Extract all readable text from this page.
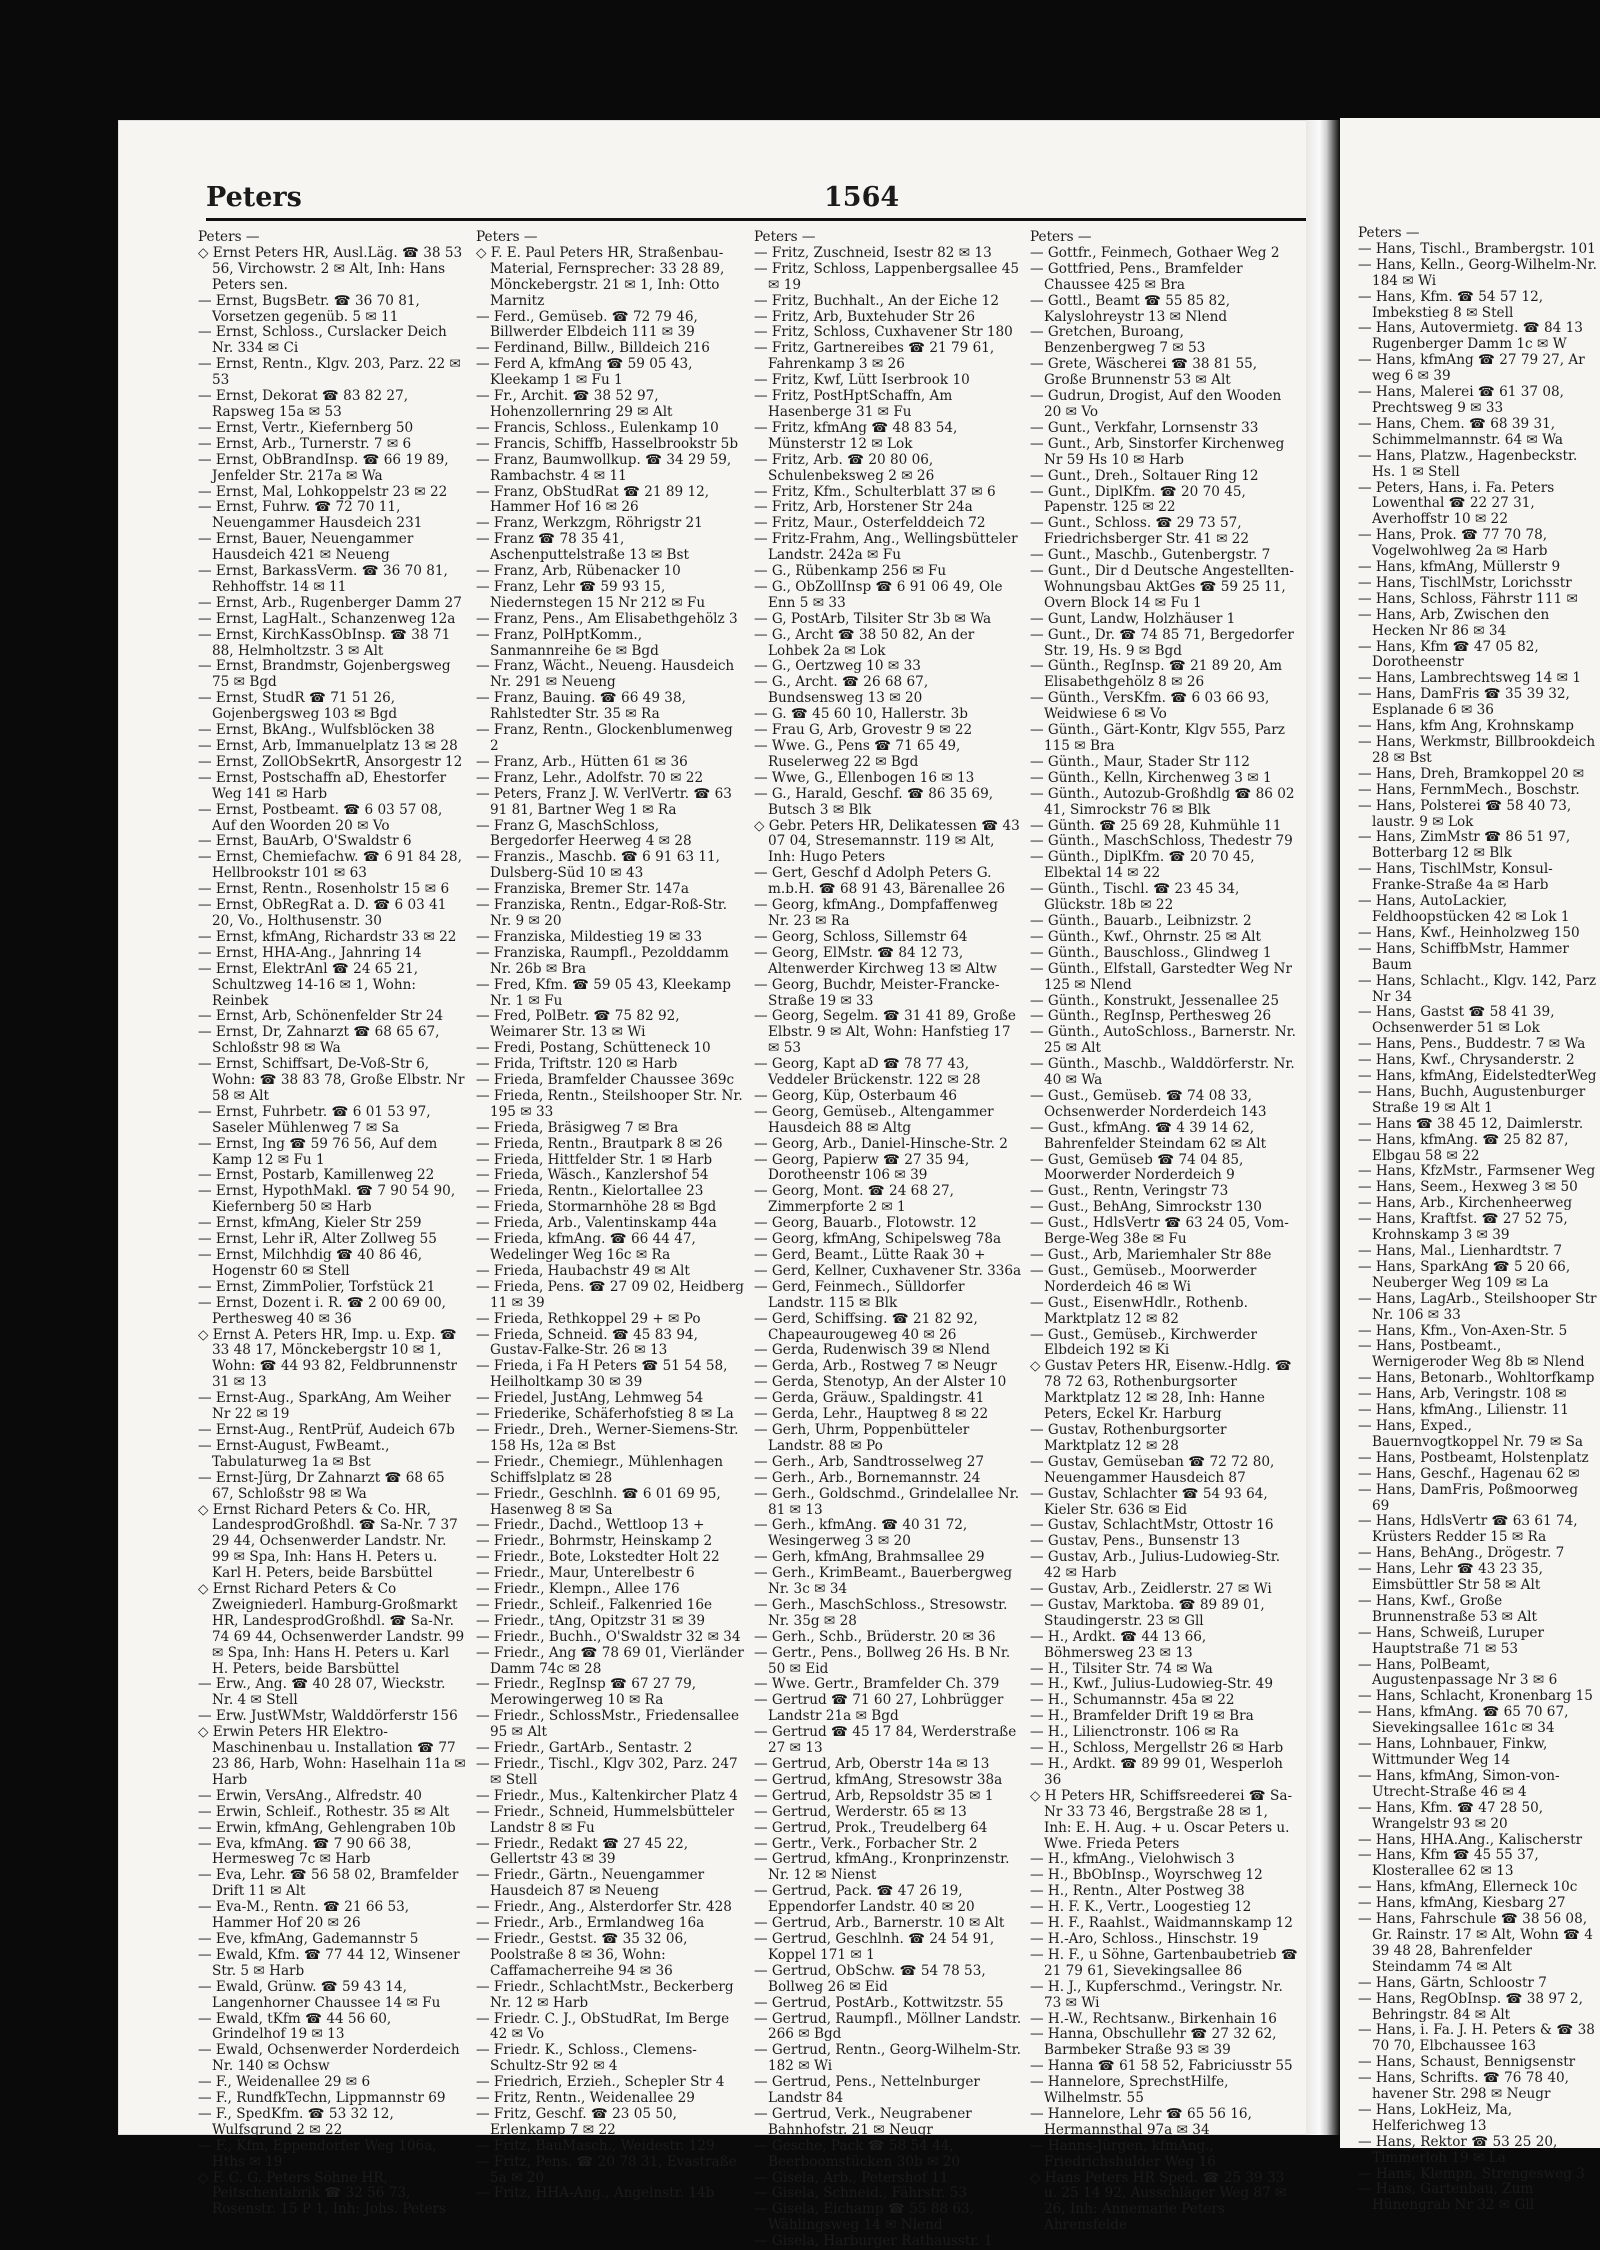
Peters	1564
Peters —

◇ Ernst Peters HR, Ausl.Läg. ☎ 38 53 56, Virchowstr. 2 ✉ Alt, Inh: Hans Peters sen.

— Ernst, BugsBetr. ☎ 36 70 81, Vorsetzen gegenüb. 5 ✉ 11

— Ernst, Schloss., Curslacker Deich Nr. 334 ✉ Ci

— Ernst, Rentn., Klgv. 203, Parz. 22 ✉ 53

— Ernst, Dekorat ☎ 83 82 27, Rapsweg 15a ✉ 53

— Ernst, Vertr., Kiefernberg 50

— Ernst, Arb., Turnerstr. 7 ✉ 6

— Ernst, ObBrandInsp. ☎ 66 19 89, Jenfelder Str. 217a ✉ Wa

— Ernst, Mal, Lohkoppelstr 23 ✉ 22

— Ernst, Fuhrw. ☎ 72 70 11, Neuengammer Hausdeich 231

— Ernst, Bauer, Neuengammer Hausdeich 421 ✉ Neueng

— Ernst, BarkassVerm. ☎ 36 70 81, Rehhoffstr. 14 ✉ 11

— Ernst, Arb., Rugenberger Damm 27

— Ernst, LagHalt., Schanzenweg 12a

— Ernst, KirchKassObInsp. ☎ 38 71 88, Helmholtzstr. 3 ✉ Alt

— Ernst, Brandmstr, Gojenbergsweg 75 ✉ Bgd

— Ernst, StudR ☎ 71 51 26, Gojenbergsweg 103 ✉ Bgd

— Ernst, BkAng., Wulfsblöcken 38

— Ernst, Arb, Immanuelplatz 13 ✉ 28

— Ernst, ZollObSekrtR, Ansorgestr 12

— Ernst, Postschaffn aD, Ehestorfer Weg 141 ✉ Harb

— Ernst, Postbeamt. ☎ 6 03 57 08, Auf den Woorden 20 ✉ Vo

— Ernst, BauArb, O'Swaldstr 6

— Ernst, Chemiefachw. ☎ 6 91 84 28, Hellbrookstr 101 ✉ 63

— Ernst, Rentn., Rosenholstr 15 ✉ 6

— Ernst, ObRegRat a. D. ☎ 6 03 41 20, Vo., Holthusenstr. 30

— Ernst, kfmAng, Richardstr 33 ✉ 22

— Ernst, HHA-Ang., Jahnring 14

— Ernst, ElektrAnl ☎ 24 65 21, Schultzweg 14-16 ✉ 1, Wohn: Reinbek

— Ernst, Arb, Schönenfelder Str 24

— Ernst, Dr, Zahnarzt ☎ 68 65 67, Schloßstr 98 ✉ Wa

— Ernst, Schiffsart, De-Voß-Str 6, Wohn: ☎ 38 83 78, Große Elbstr. Nr 58 ✉ Alt

— Ernst, Fuhrbetr. ☎ 6 01 53 97, Saseler Mühlenweg 7 ✉ Sa

— Ernst, Ing ☎ 59 76 56, Auf dem Kamp 12 ✉ Fu 1

— Ernst, Postarb, Kamillenweg 22

— Ernst, HypothMakl. ☎ 7 90 54 90, Kiefernberg 50 ✉ Harb

— Ernst, kfmAng, Kieler Str 259

— Ernst, Lehr iR, Alter Zollweg 55

— Ernst, Milchhdig ☎ 40 86 46, Hogenstr 60 ✉ Stell

— Ernst, ZimmPolier, Torfstück 21

— Ernst, Dozent i. R. ☎ 2 00 69 00, Perthesweg 40 ✉ 36

◇ Ernst A. Peters HR, Imp. u. Exp. ☎ 33 48 17, Mönckebergstr 10 ✉ 1, Wohn: ☎ 44 93 82, Feldbrunnenstr 31 ✉ 13

— Ernst-Aug., SparkAng, Am Weiher Nr 22 ✉ 19

— Ernst-Aug., RentPrüf, Audeich 67b

— Ernst-August, FwBeamt., Tabulaturweg 1a ✉ Bst

— Ernst-Jürg, Dr Zahnarzt ☎ 68 65 67, Schloßstr 98 ✉ Wa

◇ Ernst Richard Peters & Co. HR, LandesprodGroßhdl. ☎ Sa-Nr. 7 37 29 44, Ochsenwerder Landstr. Nr. 99 ✉ Spa, Inh: Hans H. Peters u. Karl H. Peters, beide Barsbüttel

◇ Ernst Richard Peters & Co Zweigniederl. Hamburg-Großmarkt HR, LandesprodGroßhdl. ☎ Sa-Nr. 74 69 44, Ochsenwerder Landstr. 99 ✉ Spa, Inh: Hans H. Peters u. Karl H. Peters, beide Barsbüttel

— Erw., Ang. ☎ 40 28 07, Wieckstr. Nr. 4 ✉ Stell

— Erw. JustWMstr, Walddörferstr 156

◇ Erwin Peters HR Elektro-Maschinenbau u. Installation ☎ 77 23 86, Harb, Wohn: Haselhain 11a ✉ Harb

— Erwin, VersAng., Alfredstr. 40

— Erwin, Schleif., Rothestr. 35 ✉ Alt

— Erwin, kfmAng, Gehlengraben 10b

— Eva, kfmAng. ☎ 7 90 66 38, Hermesweg 7c ✉ Harb

— Eva, Lehr. ☎ 56 58 02, Bramfelder Drift 11 ✉ Alt

— Eva-M., Rentn. ☎ 21 66 53, Hammer Hof 20 ✉ 26

— Eve, kfmAng, Gademannstr 5

— Ewald, Kfm. ☎ 77 44 12, Winsener Str. 5 ✉ Harb

— Ewald, Grünw. ☎ 59 43 14, Langenhorner Chaussee 14 ✉ Fu

— Ewald, tKfm ☎ 44 56 60, Grindelhof 19 ✉ 13

— Ewald, Ochsenwerder Norderdeich Nr. 140 ✉ Ochsw

— F., Weidenallee 29 ✉ 6

— F., RundfkTechn, Lippmannstr 69

— F., SpedKfm. ☎ 53 32 12, Wulfsgrund 2 ✉ 22

— F., Kfm, Eppendorfer Weg 106a, Hths ✉ 19

◇ F. C. G. Peters Söhne HR, Peitschentabrik ☎ 32 56 73, Rosenstr. 15 P 1, Inh: Johs. Peters

Peters —

◇ F. E. Paul Peters HR, Straßenbau-Material, Fernsprecher: 33 28 89, Mönckebergstr. 21 ✉ 1, Inh: Otto Marnitz

— Ferd., Gemüseb. ☎ 72 79 46, Billwerder Elbdeich 111 ✉ 39

— Ferdinand, Billw., Billdeich 216

— Ferd A, kfmAng ☎ 59 05 43, Kleekamp 1 ✉ Fu 1

— Fr., Archit. ☎ 38 52 97, Hohenzollernring 29 ✉ Alt

— Francis, Schloss., Eulenkamp 10

— Francis, Schiffb, Hasselbrookstr 5b

— Franz, Baumwollkup. ☎ 34 29 59, Rambachstr. 4 ✉ 11

— Franz, ObStudRat ☎ 21 89 12, Hammer Hof 16 ✉ 26

— Franz, Werkzgm, Röhrigstr 21

— Franz ☎ 78 35 41, Aschenputtelstraße 13 ✉ Bst

— Franz, Arb, Rübenacker 10

— Franz, Lehr ☎ 59 93 15, Niedernstegen 15 Nr 212 ✉ Fu

— Franz, Pens., Am Elisabethgehölz 3

— Franz, PolHptKomm., Sanmannreihe 6e ✉ Bgd

— Franz, Wächt., Neueng. Hausdeich Nr. 291 ✉ Neueng

— Franz, Bauing. ☎ 66 49 38, Rahlstedter Str. 35 ✉ Ra

— Franz, Rentn., Glockenblumenweg 2

— Franz, Arb., Hütten 61 ✉ 36

— Franz, Lehr., Adolfstr. 70 ✉ 22

— Peters, Franz J. W. VerlVertr. ☎ 63 91 81, Bartner Weg 1 ✉ Ra

— Franz G, MaschSchloss, Bergedorfer Heerweg 4 ✉ 28

— Franzis., Maschb. ☎ 6 91 63 11, Dulsberg-Süd 10 ✉ 43

— Franziska, Bremer Str. 147a

— Franziska, Rentn., Edgar-Roß-Str. Nr. 9 ✉ 20

— Franziska, Mildestieg 19 ✉ 33

— Franziska, Raumpfl., Pezolddamm Nr. 26b ✉ Bra

— Fred, Kfm. ☎ 59 05 43, Kleekamp Nr. 1 ✉ Fu

— Fred, PolBetr. ☎ 75 82 92, Weimarer Str. 13 ✉ Wi

— Fredi, Postang, Schütteneck 10

— Frida, Triftstr. 120 ✉ Harb

— Frieda, Bramfelder Chaussee 369c

— Frieda, Rentn., Steilshooper Str. Nr. 195 ✉ 33

— Frieda, Bräsigweg 7 ✉ Bra

— Frieda, Rentn., Brautpark 8 ✉ 26

— Frieda, Hittfelder Str. 1 ✉ Harb

— Frieda, Wäsch., Kanzlershof 54

— Frieda, Rentn., Kielortallee 23

— Frieda, Stormarnhöhe 28 ✉ Bgd

— Frieda, Arb., Valentinskamp 44a

— Frieda, kfmAng. ☎ 66 44 47, Wedelinger Weg 16c ✉ Ra

— Frieda, Haubachstr 49 ✉ Alt

— Frieda, Pens. ☎ 27 09 02, Heidberg 11 ✉ 39

— Frieda, Rethkoppel 29 + ✉ Po

— Frieda, Schneid. ☎ 45 83 94, Gustav-Falke-Str. 26 ✉ 13

— Frieda, i Fa H Peters ☎ 51 54 58, Heilholtkamp 30 ✉ 39

— Friedel, JustAng, Lehmweg 54

— Friederike, Schäferhofstieg 8 ✉ La

— Friedr., Dreh., Werner-Siemens-Str. 158 Hs, 12a ✉ Bst

— Friedr., Chemiegr., Mühlenhagen Schiffslplatz ✉ 28

— Friedr., Geschlnh. ☎ 6 01 69 95, Hasenweg 8 ✉ Sa

— Friedr., Dachd., Wettloop 13 +

— Friedr., Bohrmstr, Heinskamp 2

— Friedr., Bote, Lokstedter Holt 22

— Friedr., Maur, Unterelbestr 6

— Friedr., Klempn., Allee 176

— Friedr., Schleif., Falkenried 16e

— Friedr., tAng, Opitzstr 31 ✉ 39

— Friedr., Buchh., O'Swaldstr 32 ✉ 34

— Friedr., Ang ☎ 78 69 01, Vierländer Damm 74c ✉ 28

— Friedr., RegInsp ☎ 67 27 79, Merowingerweg 10 ✉ Ra

— Friedr., SchlossMstr., Friedensallee 95 ✉ Alt

— Friedr., GartArb., Sentastr. 2

— Friedr., Tischl., Klgv 302, Parz. 247 ✉ Stell

— Friedr., Mus., Kaltenkircher Platz 4

— Friedr., Schneid, Hummelsbütteler Landstr 8 ✉ Fu

— Friedr., Redakt ☎ 27 45 22, Gellertstr 43 ✉ 39

— Friedr., Gärtn., Neuengammer Hausdeich 87 ✉ Neueng

— Friedr., Ang., Alsterdorfer Str. 428

— Friedr., Arb., Ermlandweg 16a

— Friedr., Gestst. ☎ 35 32 06, Poolstraße 8 ✉ 36, Wohn: Caffamacherreihe 94 ✉ 36

— Friedr., SchlachtMstr., Beckerberg Nr. 12 ✉ Harb

— Friedr. C. J., ObStudRat, Im Berge 42 ✉ Vo

— Friedr. K., Schloss., Clemens-Schultz-Str 92 ✉ 4

— Friedrich, Erzieh., Schepler Str 4

— Fritz, Rentn., Weidenallee 29

— Fritz, Geschf. ☎ 23 05 50, Erlenkamp 7 ✉ 22

— Fritz, BauMasch., Weidestr. 129

— Fritz, Pens. ☎ 20 78 31, Evastraße 5a ✉ 20

— Fritz, HHA-Ang., Angelnstr. 14b

Peters —

— Fritz, Zuschneid, Isestr 82 ✉ 13

— Fritz, Schloss, Lappenbergsallee 45 ✉ 19

— Fritz, Buchhalt., An der Eiche 12

— Fritz, Arb, Buxtehuder Str 26

— Fritz, Schloss, Cuxhavener Str 180

— Fritz, Gartnereibes ☎ 21 79 61, Fahrenkamp 3 ✉ 26

— Fritz, Kwf, Lütt Iserbrook 10

— Fritz, PostHptSchaffn, Am Hasenberge 31 ✉ Fu

— Fritz, kfmAng ☎ 48 83 54, Münsterstr 12 ✉ Lok

— Fritz, Arb. ☎ 20 80 06, Schulenbeksweg 2 ✉ 26

— Fritz, Kfm., Schulterblatt 37 ✉ 6

— Fritz, Arb, Horstener Str 24a

— Fritz, Maur., Osterfelddeich 72

— Fritz-Frahm, Ang., Wellingsbütteler Landstr. 242a ✉ Fu

— G., Rübenkamp 256 ✉ Fu

— G., ObZollInsp ☎ 6 91 06 49, Ole Enn 5 ✉ 33

— G, PostArb, Tilsiter Str 3b ✉ Wa

— G., Archt ☎ 38 50 82, An der Lohbek 2a ✉ Lok

— G., Oertzweg 10 ✉ 33

— G., Archt. ☎ 26 68 67, Bundsensweg 13 ✉ 20

— G. ☎ 45 60 10, Hallerstr. 3b

— Frau G, Arb, Grovestr 9 ✉ 22

— Wwe. G., Pens ☎ 71 65 49, Ruselerweg 22 ✉ Bgd

— Wwe, G., Ellenbogen 16 ✉ 13

— G., Harald, Geschf. ☎ 86 35 69, Butsch 3 ✉ Blk

◇ Gebr. Peters HR, Delikatessen ☎ 43 07 04, Stresemannstr. 119 ✉ Alt, Inh: Hugo Peters

— Gert, Geschf d Adolph Peters G. m.b.H. ☎ 68 91 43, Bärenallee 26

— Georg, kfmAng., Dompfaffenweg Nr. 23 ✉ Ra

— Georg, Schloss, Sillemstr 64

— Georg, ElMstr. ☎ 84 12 73, Altenwerder Kirchweg 13 ✉ Altw

— Georg, Buchdr, Meister-Francke-Straße 19 ✉ 33

— Georg, Segelm. ☎ 31 41 89, Große Elbstr. 9 ✉ Alt, Wohn: Hanfstieg 17 ✉ 53

— Georg, Kapt aD ☎ 78 77 43, Veddeler Brückenstr. 122 ✉ 28

— Georg, Küp, Osterbaum 46

— Georg, Gemüseb., Altengammer Hausdeich 88 ✉ Altg

— Georg, Arb., Daniel-Hinsche-Str. 2

— Georg, Papierw ☎ 27 35 94, Dorotheenstr 106 ✉ 39

— Georg, Mont. ☎ 24 68 27, Zimmerpforte 2 ✉ 1

— Georg, Bauarb., Flotowstr. 12

— Georg, kfmAng, Schipelsweg 78a

— Gerd, Beamt., Lütte Raak 30 +

— Gerd, Kellner, Cuxhavener Str. 336a

— Gerd, Feinmech., Sülldorfer Landstr. 115 ✉ Blk

— Gerd, Schiffsing. ☎ 21 82 92, Chapeaurougeweg 40 ✉ 26

— Gerda, Rudenwisch 39 ✉ Nlend

— Gerda, Arb., Rostweg 7 ✉ Neugr

— Gerda, Stenotyp, An der Alster 10

— Gerda, Gräuw., Spaldingstr. 41

— Gerda, Lehr., Hauptweg 8 ✉ 22

— Gerh, Uhrm, Poppenbütteler Landstr. 88 ✉ Po

— Gerh., Arb, Sandtrosselweg 27

— Gerh., Arb., Bornemannstr. 24

— Gerh., Goldschmd., Grindelallee Nr. 81 ✉ 13

— Gerh., kfmAng. ☎ 40 31 72, Wesingerweg 3 ✉ 20

— Gerh, kfmAng, Brahmsallee 29

— Gerh., KrimBeamt., Bauerbergweg Nr. 3c ✉ 34

— Gerh., MaschSchloss., Stresowstr. Nr. 35g ✉ 28

— Gerh., Schb., Brüderstr. 20 ✉ 36

— Gertr., Pens., Bollweg 26 Hs. B Nr. 50 ✉ Eid

— Wwe. Gertr., Bramfelder Ch. 379

— Gertrud ☎ 71 60 27, Lohbrügger Landstr 21a ✉ Bgd

— Gertrud ☎ 45 17 84, Werderstraße 27 ✉ 13

— Gertrud, Arb, Oberstr 14a ✉ 13

— Gertrud, kfmAng, Stresowstr 38a

— Gertrud, Arb, Repsoldstr 35 ✉ 1

— Gertrud, Werderstr. 65 ✉ 13

— Gertrud, Prok., Treudelberg 64

— Gertr., Verk., Forbacher Str. 2

— Gertrud, kfmAng., Kronprinzenstr. Nr. 12 ✉ Nienst

— Gertrud, Pack. ☎ 47 26 19, Eppendorfer Landstr. 40 ✉ 20

— Gertrud, Arb., Barnerstr. 10 ✉ Alt

— Gertrud, Geschlnh. ☎ 24 54 91, Koppel 171 ✉ 1

— Gertrud, ObSchw. ☎ 54 78 53, Bollweg 26 ✉ Eid

— Gertrud, PostArb., Kottwitzstr. 55

— Gertrud, Raumpfl., Möllner Landstr. 266 ✉ Bgd

— Gertrud, Rentn., Georg-Wilhelm-Str. 182 ✉ Wi

— Gertrud, Pens., Nettelnburger Landstr 84

— Gertrud, Verk., Neugrabener Bahnhofstr. 21 ✉ Neugr

— Gesche, Pack ☎ 58 54 44, Beerboomstücken 30b ✉ 20

— Gisela, Arb., Petershof 11

— Gisela, Schneid., Fährstr. 53

— Gisela, Eichamp ☎ 55 88 63, Wählingsweg 14 ✉ Nlend

— Gisela, Harburger Rathausstr. 1

Peters —

— Gottfr., Feinmech, Gothaer Weg 2

— Gottfried, Pens., Bramfelder Chaussee 425 ✉ Bra

— Gottl., Beamt ☎ 55 85 82, Kalyslohreystr 13 ✉ Nlend

— Gretchen, Buroang, Benzenbergweg 7 ✉ 53

— Grete, Wäscherei ☎ 38 81 55, Große Brunnenstr 53 ✉ Alt

— Gudrun, Drogist, Auf den Wooden 20 ✉ Vo

— Gunt., Verkfahr, Lornsenstr 33

— Gunt., Arb, Sinstorfer Kirchenweg Nr 59 Hs 10 ✉ Harb

— Gunt., Dreh., Soltauer Ring 12

— Gunt., DiplKfm. ☎ 20 70 45, Papenstr. 125 ✉ 22

— Gunt., Schloss. ☎ 29 73 57, Friedrichsberger Str. 41 ✉ 22

— Gunt., Maschb., Gutenbergstr. 7

— Gunt., Dir d Deutsche Angestellten-Wohnungsbau AktGes ☎ 59 25 11, Overn Block 14 ✉ Fu 1

— Gunt, Landw, Holzhäuser 1

— Gunt., Dr. ☎ 74 85 71, Bergedorfer Str. 19, Hs. 9 ✉ Bgd

— Günth., RegInsp. ☎ 21 89 20, Am Elisabethgehölz 8 ✉ 26

— Günth., VersKfm. ☎ 6 03 66 93, Weidwiese 6 ✉ Vo

— Günth., Gärt-Kontr, Klgv 555, Parz 115 ✉ Bra

— Günth., Maur, Stader Str 112

— Günth., Kelln, Kirchenweg 3 ✉ 1

— Günth., Autozub-Großhdlg ☎ 86 02 41, Simrockstr 76 ✉ Blk

— Günth. ☎ 25 69 28, Kuhmühle 11

— Günth., MaschSchloss, Thedestr 79

— Günth., DiplKfm. ☎ 20 70 45, Elbektal 14 ✉ 22

— Günth., Tischl. ☎ 23 45 34, Glückstr. 18b ✉ 22

— Günth., Bauarb., Leibnizstr. 2

— Günth., Kwf., Ohrnstr. 25 ✉ Alt

— Günth., Bauschloss., Glindweg 1

— Günth., Elfstall, Garstedter Weg Nr 125 ✉ Nlend

— Günth., Konstrukt, Jessenallee 25

— Günth., RegInsp, Perthesweg 26

— Günth., AutoSchloss., Barnerstr. Nr. 25 ✉ Alt

— Günth., Maschb., Walddörferstr. Nr. 40 ✉ Wa

— Gust., Gemüseb. ☎ 74 08 33, Ochsenwerder Norderdeich 143

— Gust., kfmAng. ☎ 4 39 14 62, Bahrenfelder Steindam 62 ✉ Alt

— Gust, Gemüseb ☎ 74 04 85, Moorwerder Norderdeich 9

— Gust., Rentn, Veringstr 73

— Gust., BehAng, Simrockstr 130

— Gust., HdlsVertr ☎ 63 24 05, Vom-Berge-Weg 38e ✉ Fu

— Gust., Arb, Mariemhaler Str 88e

— Gust., Gemüseb., Moorwerder Norderdeich 46 ✉ Wi

— Gust., EisenwHdlr., Rothenb. Marktplatz 12 ✉ 82

— Gust., Gemüseb., Kirchwerder Elbdeich 192 ✉ Ki

◇ Gustav Peters HR, Eisenw.-Hdlg. ☎ 78 72 63, Rothenburgsorter Marktplatz 12 ✉ 28, Inh: Hanne Peters, Eckel Kr. Harburg

— Gustav, Rothenburgsorter Marktplatz 12 ✉ 28

— Gustav, Gemüseban ☎ 72 72 80, Neuengammer Hausdeich 87

— Gustav, Schlachter ☎ 54 93 64, Kieler Str. 636 ✉ Eid

— Gustav, SchlachtMstr, Ottostr 16

— Gustav, Pens., Bunsenstr 13

— Gustav, Arb., Julius-Ludowieg-Str. 42 ✉ Harb

— Gustav, Arb., Zeidlerstr. 27 ✉ Wi

— Gustav, Marktoba. ☎ 89 89 01, Staudingerstr. 23 ✉ Gll

— H., Ardkt. ☎ 44 13 66, Böhmersweg 23 ✉ 13

— H., Tilsiter Str. 74 ✉ Wa

— H., Kwf., Julius-Ludowieg-Str. 49

— H., Schumannstr. 45a ✉ 22

— H., Bramfelder Drift 19 ✉ Bra

— H., Lilienctronstr. 106 ✉ Ra

— H., Schloss, Mergellstr 26 ✉ Harb

— H., Ardkt. ☎ 89 99 01, Wesperloh 36

◇ H Peters HR, Schiffsreederei ☎ Sa-Nr 33 73 46, Bergstraße 28 ✉ 1, Inh: E. H. Aug. + u. Oscar Peters u. Wwe. Frieda Peters

— H., kfmAng., Vielohwisch 3

— H., BbObInsp., Woyrschweg 12

— H., Rentn., Alter Postweg 38

— H. F. K., Vertr., Loogestieg 12

— H. F., Raahlst., Waidmannskamp 12

— H.-Aro, Schloss., Hinschstr. 19

— H. F., u Söhne, Gartenbaubetrieb ☎ 21 79 61, Sievekingsallee 86

— H. J., Kupferschmd., Veringstr. Nr. 73 ✉ Wi

— H.-W., Rechtsanw., Birkenhain 16

— Hanna, Obschullehr ☎ 27 32 62, Barmbeker Straße 93 ✉ 39

— Hanna ☎ 61 58 52, Fabriciusstr 55

— Hannelore, SprechstHilfe, Wilhelmstr. 55

— Hannelore, Lehr ☎ 65 56 16, Hermannsthal 97a ✉ 34

— Hanns-Jürgen, kfmAng., Friedrichshulder Weg 16

◇ Hans Peters HR Sped. ☎ 25 39 33 u. 25 14 92, Ausschläger Weg 87 ✉ 26, Inh: Annemarie Peters Ahrensfelde

Peters —

— Hans, Tischl., Brambergstr. 101

— Hans, Kelln., Georg-Wilhelm-Nr. 184 ✉ Wi

— Hans, Kfm. ☎ 54 57 12, Imbekstieg 8 ✉ Stell

— Hans, Autovermietg. ☎ 84 13 Rugenberger Damm 1c ✉ W

— Hans, kfmAng ☎ 27 79 27, Ar weg 6 ✉ 39

— Hans, Malerei ☎ 61 37 08, Prechtsweg 9 ✉ 33

— Hans, Chem. ☎ 68 39 31, Schimmelmannstr. 64 ✉ Wa

— Hans, Platzw., Hagenbeckstr. Hs. 1 ✉ Stell

— Peters, Hans, i. Fa. Peters Lowenthal ☎ 22 27 31, Averhoffstr 10 ✉ 22

— Hans, Prok. ☎ 77 70 78, Vogelwohlweg 2a ✉ Harb

— Hans, kfmAng, Müllerstr 9

— Hans, TischlMstr, Lorichsstr

— Hans, Schloss, Fährstr 111 ✉

— Hans, Arb, Zwischen den Hecken Nr 86 ✉ 34

— Hans, Kfm ☎ 47 05 82, Dorotheenstr

— Hans, Lambrechtsweg 14 ✉ 1

— Hans, DamFris ☎ 35 39 32, Esplanade 6 ✉ 36

— Hans, kfm Ang, Krohnskamp

— Hans, Werkmstr, Billbrookdeich 28 ✉ Bst

— Hans, Dreh, Bramkoppel 20 ✉

— Hans, FernmMech., Boschstr.

— Hans, Polsterei ☎ 58 40 73, laustr. 9 ✉ Lok

— Hans, ZimMstr ☎ 86 51 97, Botterbarg 12 ✉ Blk

— Hans, TischlMstr, Konsul-Franke-Straße 4a ✉ Harb

— Hans, AutoLackier, Feldhoopstücken 42 ✉ Lok 1

— Hans, Kwf., Heinholzweg 150

— Hans, SchiffbMstr, Hammer Baum

— Hans, Schlacht., Klgv. 142, Parz Nr 34

— Hans, Gastst ☎ 58 41 39, Ochsenwerder 51 ✉ Lok

— Hans, Pens., Buddestr. 7 ✉ Wa

— Hans, Kwf., Chrysanderstr. 2

— Hans, kfmAng, EidelstedterWeg

— Hans, Buchh, Augustenburger Straße 19 ✉ Alt 1

— Hans ☎ 38 45 12, Daimlerstr.

— Hans, kfmAng. ☎ 25 82 87, Elbgau 58 ✉ 22

— Hans, KfzMstr., Farmsener Weg

— Hans, Seem., Hexweg 3 ✉ 50

— Hans, Arb., Kirchenheerweg

— Hans, Kraftfst. ☎ 27 52 75, Krohnskamp 3 ✉ 39

— Hans, Mal., Lienhardtstr. 7

— Hans, SparkAng ☎ 5 20 66, Neuberger Weg 109 ✉ La

— Hans, LagArb., Steilshooper Str Nr. 106 ✉ 33

— Hans, Kfm., Von-Axen-Str. 5

— Hans, Postbeamt., Wernigeroder Weg 8b ✉ Nlend

— Hans, Betonarb., Wohltorfkamp

— Hans, Arb, Veringstr. 108 ✉

— Hans, kfmAng., Lilienstr. 11

— Hans, Exped., Bauernvogtkoppel Nr. 79 ✉ Sa

— Hans, Postbeamt, Holstenplatz

— Hans, Geschf., Hagenau 62 ✉

— Hans, DamFris, Poßmoorweg 69

— Hans, HdlsVertr ☎ 63 61 74, Krüsters Redder 15 ✉ Ra

— Hans, BehAng., Drögestr. 7

— Hans, Lehr ☎ 43 23 35, Eimsbüttler Str 58 ✉ Alt

— Hans, Kwf., Große Brunnenstraße 53 ✉ Alt

— Hans, Schweiß, Luruper Hauptstraße 71 ✉ 53

— Hans, PolBeamt, Augustenpassage Nr 3 ✉ 6

— Hans, Schlacht, Kronenbarg 15

— Hans, kfmAng. ☎ 65 70 67, Sievekingsallee 161c ✉ 34

— Hans, Lohnbauer, Finkw, Wittmunder Weg 14

— Hans, kfmAng, Simon-von-Utrecht-Straße 46 ✉ 4

— Hans, Kfm. ☎ 47 28 50, Wrangelstr 93 ✉ 20

— Hans, HHA.Ang., Kalischerstr

— Hans, Kfm ☎ 45 55 37, Klosterallee 62 ✉ 13

— Hans, kfmAng, Ellerneck 10c

— Hans, kfmAng, Kiesbarg 27

— Hans, Fahrschule ☎ 38 56 08, Gr. Rainstr. 17 ✉ Alt, Wohn ☎ 4 39 48 28, Bahrenfelder Steindamm 74 ✉ Alt

— Hans, Gärtn, Schloostr 7

— Hans, RegObInsp. ☎ 38 97 2, Behringstr. 84 ✉ Alt

— Hans, i. Fa. J. H. Peters & ☎ 38 70 70, Elbchaussee 163

— Hans, Schaust, Bennigsenstr

— Hans, Schrifts. ☎ 76 78 40, havener Str. 298 ✉ Neugr

— Hans, LokHeiz, Ma, Helferichweg 13

— Hans, Rektor ☎ 53 25 20, Timmerloh 19 ✉ La

— Hans, Klempn, Strengesweg 3

— Hans, Gartenbau, Zum Hünengrab Nr 32 ✉ Gll
